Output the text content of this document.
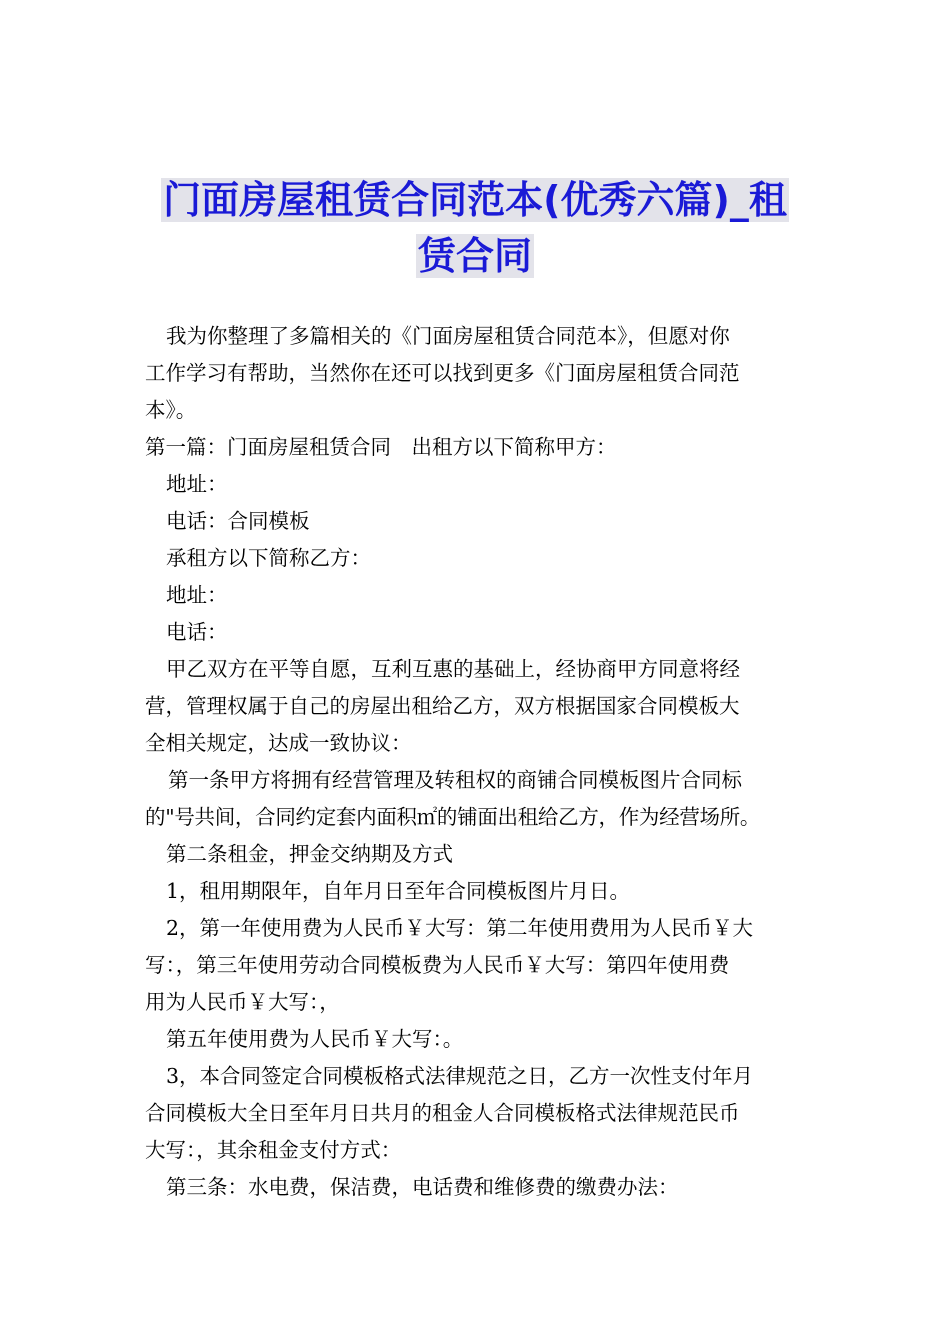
门面房屋租赁合同范本(优秀六篇)_租
赁合同
我为你整理了多篇相关的《门面房屋租赁合同范本》，但愿对你
工作学习有帮助，当然你在还可以找到更多《门面房屋租赁合同范
本》。
第一篇：门面房屋租赁合同　出租方以下简称甲方：
地址：
电话：合同模板
承租方以下简称乙方：
地址：
电话：
甲乙双方在平等自愿，互利互惠的基础上，经协商甲方同意将经
营，管理权属于自己的房屋出租给乙方，双方根据国家合同模板大
全相关规定，达成一致协议：
第一条甲方将拥有经营管理及转租权的商铺合同模板图片合同标
的"号共间，合同约定套内面积㎡的铺面出租给乙方，作为经营场所。
第二条租金，押金交纳期及方式
1，租用期限年，自年月日至年合同模板图片月日。
2，第一年使用费为人民币￥大写：第二年使用费用为人民币￥大
写：，第三年使用劳动合同模板费为人民币￥大写：第四年使用费
用为人民币￥大写：，
第五年使用费为人民币￥大写：。
3，本合同签定合同模板格式法律规范之日，乙方一次性支付年月
合同模板大全日至年月日共月的租金人合同模板格式法律规范民币
大写：，其余租金支付方式：
第三条：水电费，保洁费，电话费和维修费的缴费办法：
